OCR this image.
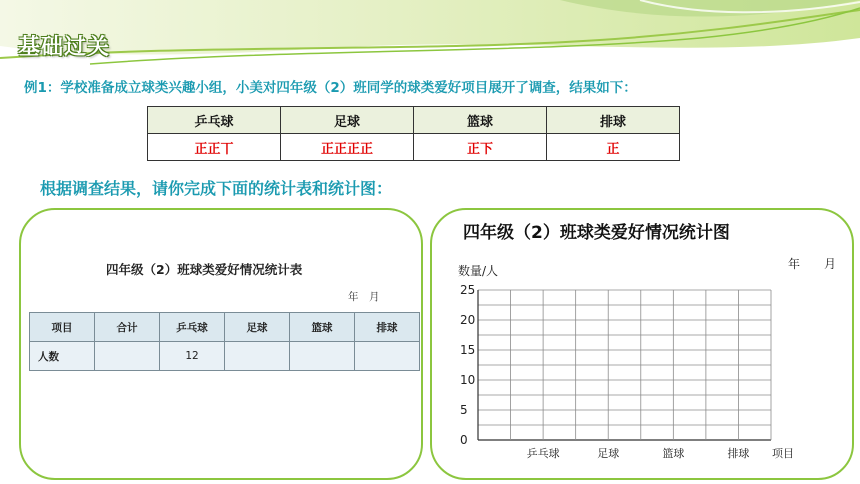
基础过关
例1：学校准备成立球类兴趣小组，小美对四年级（2）班同学的球类爱好项目展开了调查，结果如下：
乒乓球	足球	篮球	排球
正正丅	正正正正	正下	正
根据调查结果，请你完成下面的统计表和统计图：
四年级（2）班球类爱好情况统计表
年　月
项目	合计	乒乓球	足球	篮球	排球
人数		12			
四年级（2）班球类爱好情况统计图
数量/人	年　　月
0
5
10
15
20
25
乒乓球	足球	篮球	排球 项目
